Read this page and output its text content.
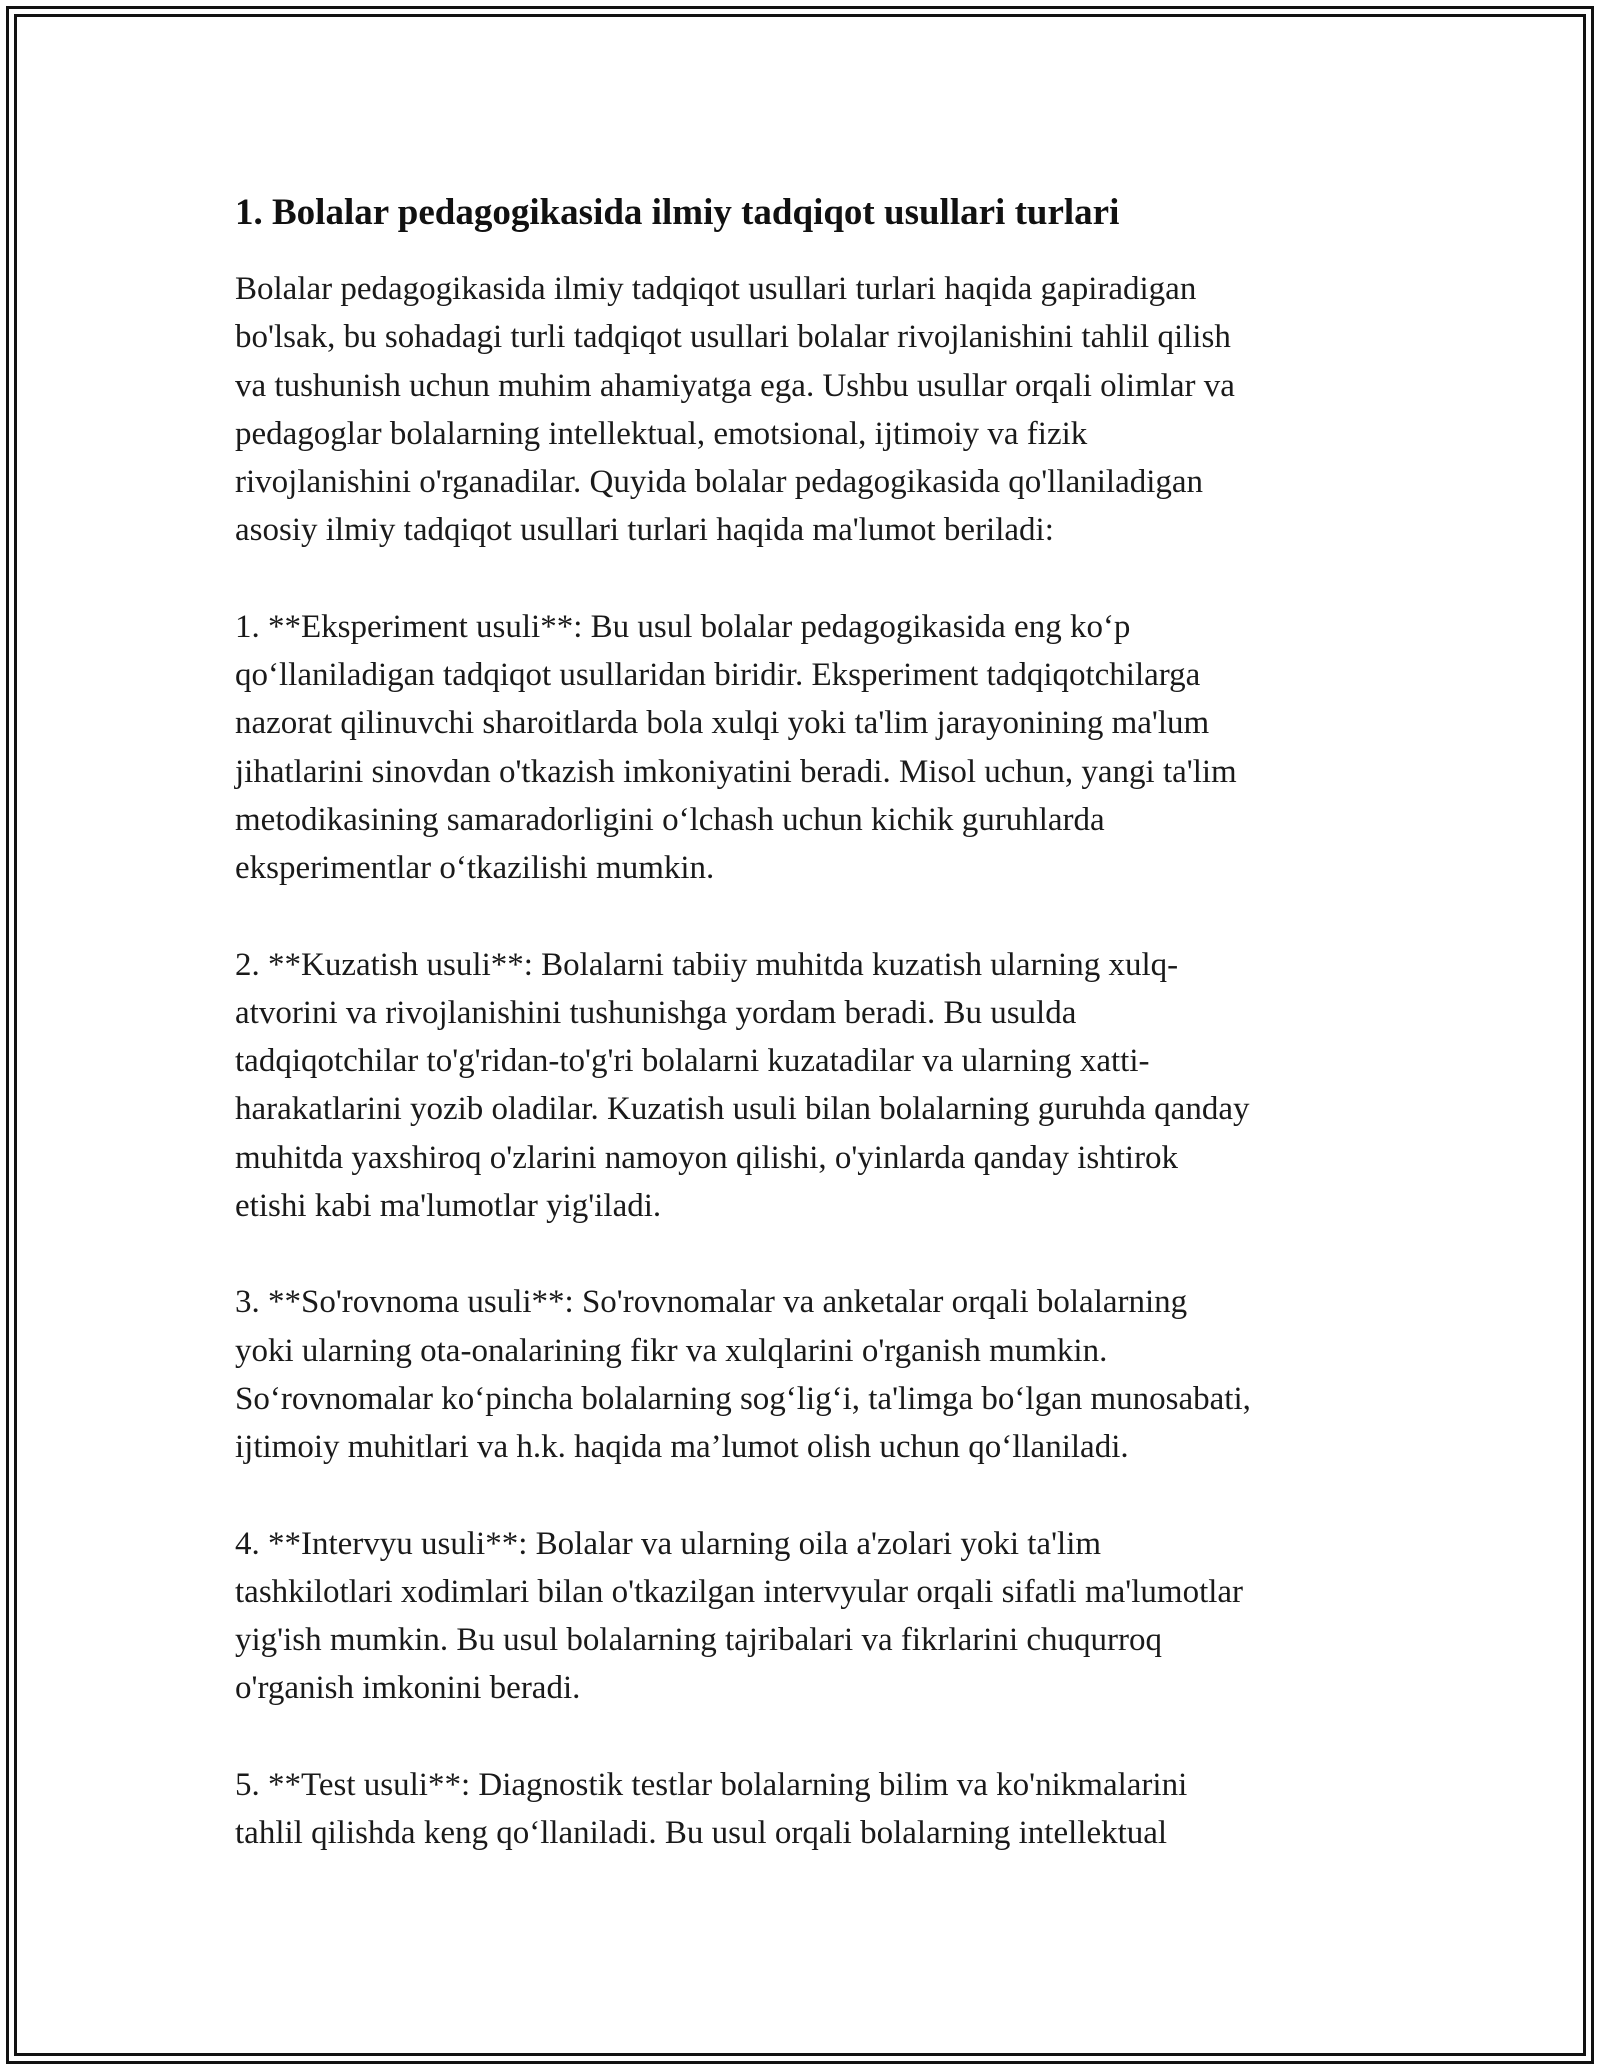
1. Bolalar pedagogikasida ilmiy tadqiqot usullari turlari

Bolalar pedagogikasida ilmiy tadqiqot usullari turlari haqida gapiradigan
bo'lsak, bu sohadagi turli tadqiqot usullari bolalar rivojlanishini tahlil qilish
va tushunish uchun muhim ahamiyatga ega. Ushbu usullar orqali olimlar va
pedagoglar bolalarning intellektual, emotsional, ijtimoiy va fizik
rivojlanishini o'rganadilar. Quyida bolalar pedagogikasida qo'llaniladigan
asosiy ilmiy tadqiqot usullari turlari haqida ma'lumot beriladi:

1. **Eksperiment usuli**: Bu usul bolalar pedagogikasida eng ko‘p
qo‘llaniladigan tadqiqot usullaridan biridir. Eksperiment tadqiqotchilarga
nazorat qilinuvchi sharoitlarda bola xulqi yoki ta'lim jarayonining ma'lum
jihatlarini sinovdan o'tkazish imkoniyatini beradi. Misol uchun, yangi ta'lim
metodikasining samaradorligini o‘lchash uchun kichik guruhlarda
eksperimentlar o‘tkazilishi mumkin.

2. **Kuzatish usuli**: Bolalarni tabiiy muhitda kuzatish ularning xulq-
atvorini va rivojlanishini tushunishga yordam beradi. Bu usulda
tadqiqotchilar to'g'ridan-to'g'ri bolalarni kuzatadilar va ularning xatti-
harakatlarini yozib oladilar. Kuzatish usuli bilan bolalarning guruhda qanday
muhitda yaxshiroq o'zlarini namoyon qilishi, o'yinlarda qanday ishtirok
etishi kabi ma'lumotlar yig'iladi.

3. **So'rovnoma usuli**: So'rovnomalar va anketalar orqali bolalarning
yoki ularning ota-onalarining fikr va xulqlarini o'rganish mumkin.
So‘rovnomalar ko‘pincha bolalarning sog‘lig‘i, ta'limga bo‘lgan munosabati,
ijtimoiy muhitlari va h.k. haqida ma’lumot olish uchun qo‘llaniladi.

4. **Intervyu usuli**: Bolalar va ularning oila a'zolari yoki ta'lim
tashkilotlari xodimlari bilan o'tkazilgan intervyular orqali sifatli ma'lumotlar
yig'ish mumkin. Bu usul bolalarning tajribalari va fikrlarini chuqurroq
o'rganish imkonini beradi.

5. **Test usuli**: Diagnostik testlar bolalarning bilim va ko'nikmalarini
tahlil qilishda keng qo‘llaniladi. Bu usul orqali bolalarning intellektual
